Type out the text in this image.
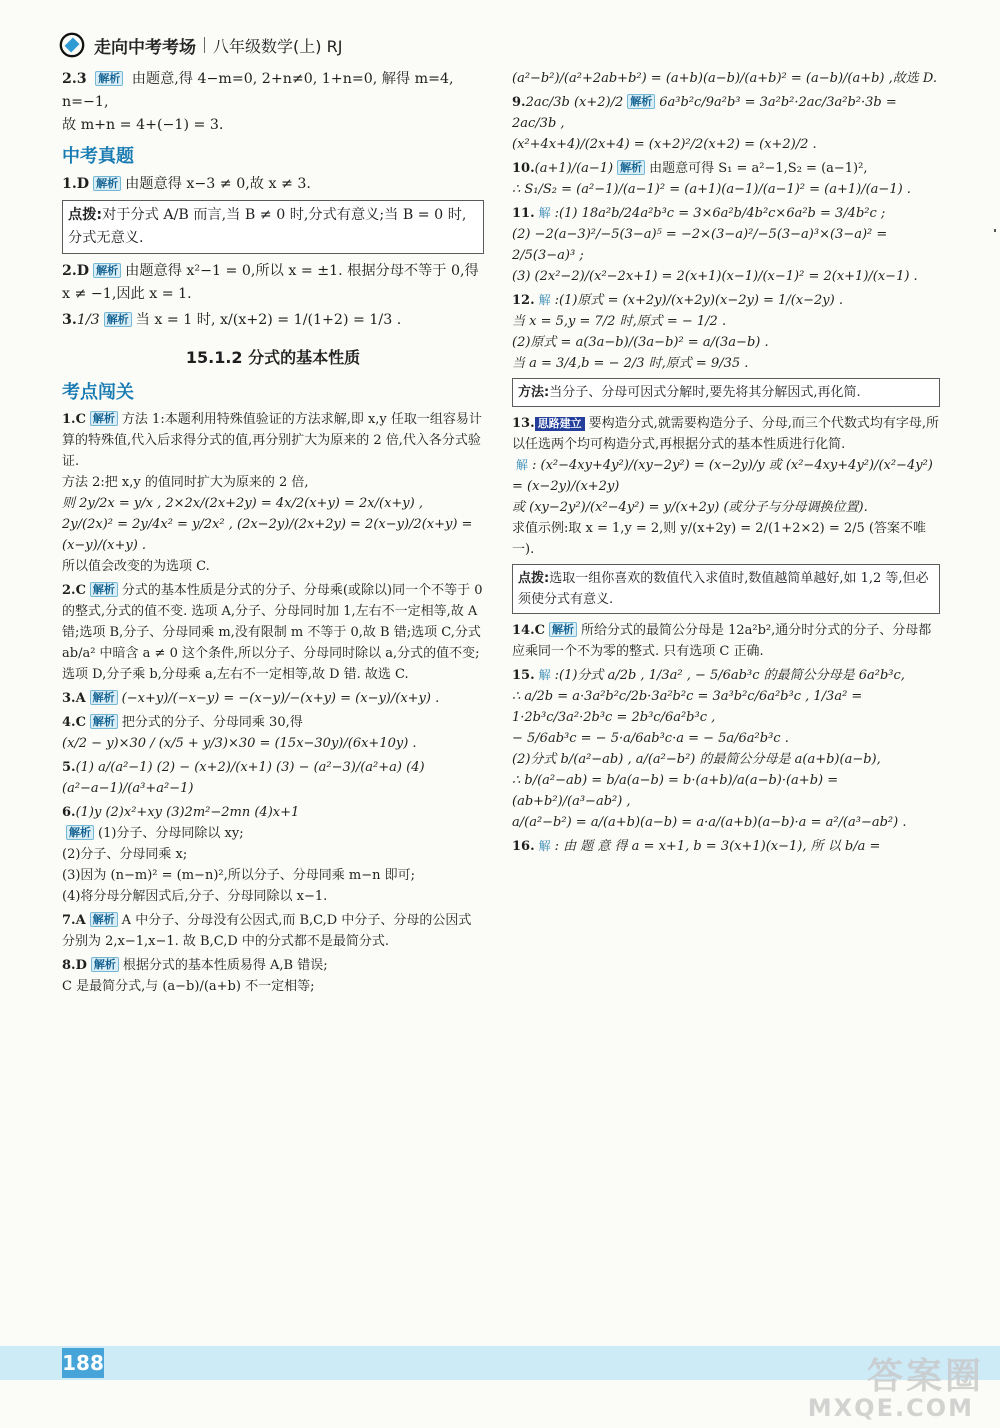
走向中考考场 八年级数学(上) RJ
2.3 解析 由题意,得 4−m=0, 2+n≠0, 1+n=0, 解得 m=4, n=−1,
故 m+n = 4+(−1) = 3.
中考真题
1.D 解析 由题意得 x−3 ≠ 0,故 x ≠ 3.
点拨:对于分式 A/B 而言,当 B ≠ 0 时,分式有意义;当 B = 0 时,分式无意义.
2.D 解析 由题意得 x²−1 = 0,所以 x = ±1. 根据分母不等于 0,得 x ≠ −1,因此 x = 1.
3.1/3 解析 当 x = 1 时, x/(x+2) = 1/(1+2) = 1/3 .
15.1.2 分式的基本性质
考点闯关
1.C 解析 方法 1:本题利用特殊值验证的方法求解,即 x,y 任取一组容易计算的特殊值,代入后求得分式的值,再分别扩大为原来的 2 倍,代入各分式验证.
方法 2:把 x,y 的值同时扩大为原来的 2 倍,
则 2y/2x = y/x , 2×2x/(2x+2y) = 4x/2(x+y) = 2x/(x+y) ,
2y/(2x)² = 2y/4x² = y/2x² , (2x−2y)/(2x+2y) = 2(x−y)/2(x+y) = (x−y)/(x+y) .
所以值会改变的为选项 C.
2.C 解析 分式的基本性质是分式的分子、分母乘(或除以)同一个不等于 0 的整式,分式的值不变. 选项 A,分子、分母同时加 1,左右不一定相等,故 A 错;选项 B,分子、分母同乘 m,没有限制 m 不等于 0,故 B 错;选项 C,分式 ab/a² 中暗含 a ≠ 0 这个条件,所以分子、分母同时除以 a,分式的值不变;选项 D,分子乘 b,分母乘 a,左右不一定相等,故 D 错. 故选 C.
3.A 解析 (−x+y)/(−x−y) = −(x−y)/−(x+y) = (x−y)/(x+y) .
4.C 解析 把分式的分子、分母同乘 30,得
(x/2 − y)×30 / (x/5 + y/3)×30 = (15x−30y)/(6x+10y) .
5.(1) a/(a²−1) (2) − (x+2)/(x+1) (3) − (a²−3)/(a²+a) (4) (a²−a−1)/(a³+a²−1)
6.(1)y (2)x²+xy (3)2m²−2mn (4)x+1
解析 (1)分子、分母同除以 xy;
(2)分子、分母同乘 x;
(3)因为 (n−m)² = (m−n)²,所以分子、分母同乘 m−n 即可;
(4)将分母分解因式后,分子、分母同除以 x−1.
7.A 解析 A 中分子、分母没有公因式,而 B,C,D 中分子、分母的公因式分别为 2,x−1,x−1. 故 B,C,D 中的分式都不是最简分式.
8.D 解析 根据分式的基本性质易得 A,B 错误;
C 是最简分式,与 (a−b)/(a+b) 不一定相等;
(a²−b²)/(a²+2ab+b²) = (a+b)(a−b)/(a+b)² = (a−b)/(a+b) ,故选 D.
9.2ac/3b (x+2)/2 解析 6a³b²c/9a²b³ = 3a²b²·2ac/3a²b²·3b = 2ac/3b ,
(x²+4x+4)/(2x+4) = (x+2)²/2(x+2) = (x+2)/2 .
10.(a+1)/(a−1) 解析 由题意可得 S₁ = a²−1,S₂ = (a−1)²,
∴ S₁/S₂ = (a²−1)/(a−1)² = (a+1)(a−1)/(a−1)² = (a+1)/(a−1) .
11. 解 :(1) 18a²b/24a²b³c = 3×6a²b/4b²c×6a²b = 3/4b²c ;
(2) −2(a−3)²/−5(3−a)⁵ = −2×(3−a)²/−5(3−a)³×(3−a)² = 2/5(3−a)³ ;
(3) (2x²−2)/(x²−2x+1) = 2(x+1)(x−1)/(x−1)² = 2(x+1)/(x−1) .
12. 解 :(1)原式 = (x+2y)/(x+2y)(x−2y) = 1/(x−2y) .
当 x = 5,y = 7/2 时,原式 = − 1/2 .
(2)原式 = a(3a−b)/(3a−b)² = a/(3a−b) .
当 a = 3/4,b = − 2/3 时,原式 = 9/35 .
方法:当分子、分母可因式分解时,要先将其分解因式,再化简.
13. 思路建立 要构造分式,就需要构造分子、分母,而三个代数式均有字母,所以任选两个均可构造分式,再根据分式的基本性质进行化简.
解 : (x²−4xy+4y²)/(xy−2y²) = (x−2y)/y 或 (x²−4xy+4y²)/(x²−4y²) = (x−2y)/(x+2y)
或 (xy−2y²)/(x²−4y²) = y/(x+2y) (或分子与分母调换位置).
求值示例:取 x = 1,y = 2,则 y/(x+2y) = 2/(1+2×2) = 2/5 (答案不唯一).
点拨:选取一组你喜欢的数值代入求值时,数值越简单越好,如 1,2 等,但必须使分式有意义.
14.C 解析 所给分式的最简公分母是 12a²b²,通分时分式的分子、分母都应乘同一个不为零的整式. 只有选项 C 正确.
15. 解 :(1)分式 a/2b , 1/3a² , − 5/6ab³c 的最简公分母是 6a²b³c,
∴ a/2b = a·3a²b²c/2b·3a²b²c = 3a³b²c/6a²b³c , 1/3a² = 1·2b³c/3a²·2b³c = 2b³c/6a²b³c ,
− 5/6ab³c = − 5·a/6ab³c·a = − 5a/6a²b³c .
(2)分式 b/(a²−ab) , a/(a²−b²) 的最简公分母是 a(a+b)(a−b),
∴ b/(a²−ab) = b/a(a−b) = b·(a+b)/a(a−b)·(a+b) = (ab+b²)/(a³−ab²) ,
a/(a²−b²) = a/(a+b)(a−b) = a·a/(a+b)(a−b)·a = a²/(a³−ab²) .
16. 解 : 由 题 意 得 a = x+1, b = 3(x+1)(x−1), 所 以 b/a =
188	答案圈
MXQE.COM
